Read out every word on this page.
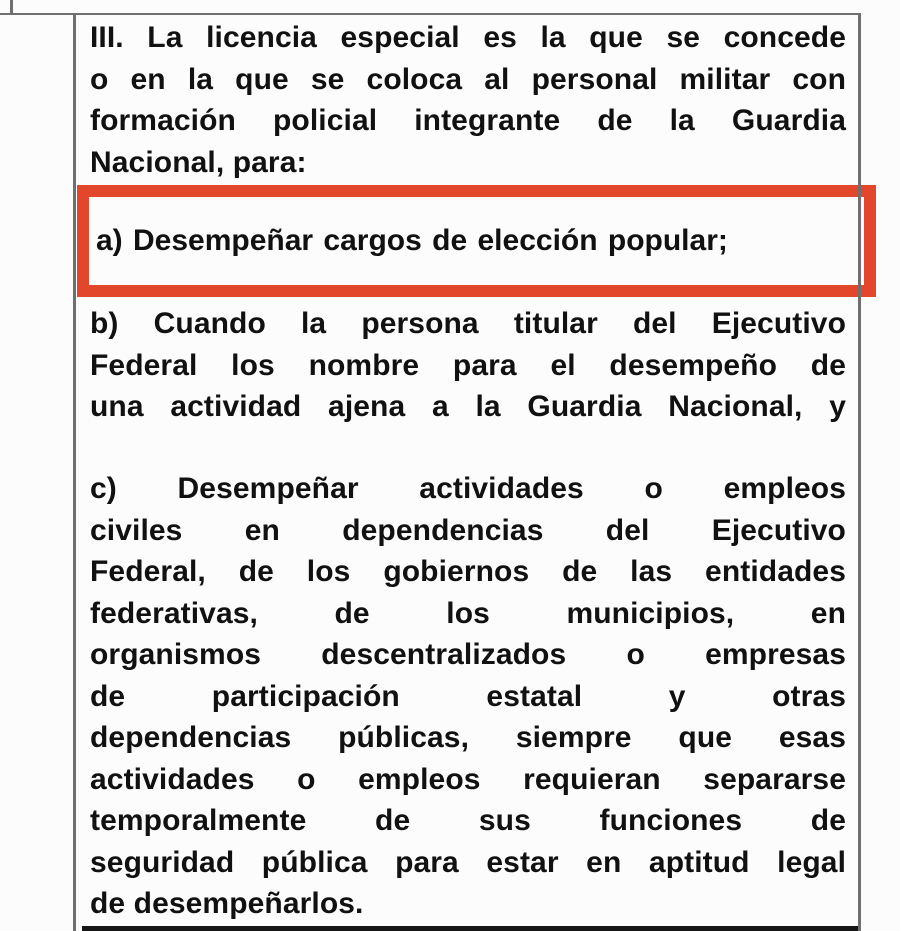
III. La licencia especial es la que se concede
o en la que se coloca al personal militar con
formación policial integrante de la Guardia
Nacional, para:
a) Desempeñar cargos de elección popular;
b) Cuando la persona titular del Ejecutivo
Federal los nombre para el desempeño de
una actividad ajena a la Guardia Nacional, y
c) Desempeñar actividades o empleos
civiles en dependencias del Ejecutivo
Federal, de los gobiernos de las entidades
federativas, de los municipios, en
organismos descentralizados o empresas
de participación estatal y otras
dependencias públicas, siempre que esas
actividades o empleos requieran separarse
temporalmente de sus funciones de
seguridad pública para estar en aptitud legal
de desempeñarlos.
